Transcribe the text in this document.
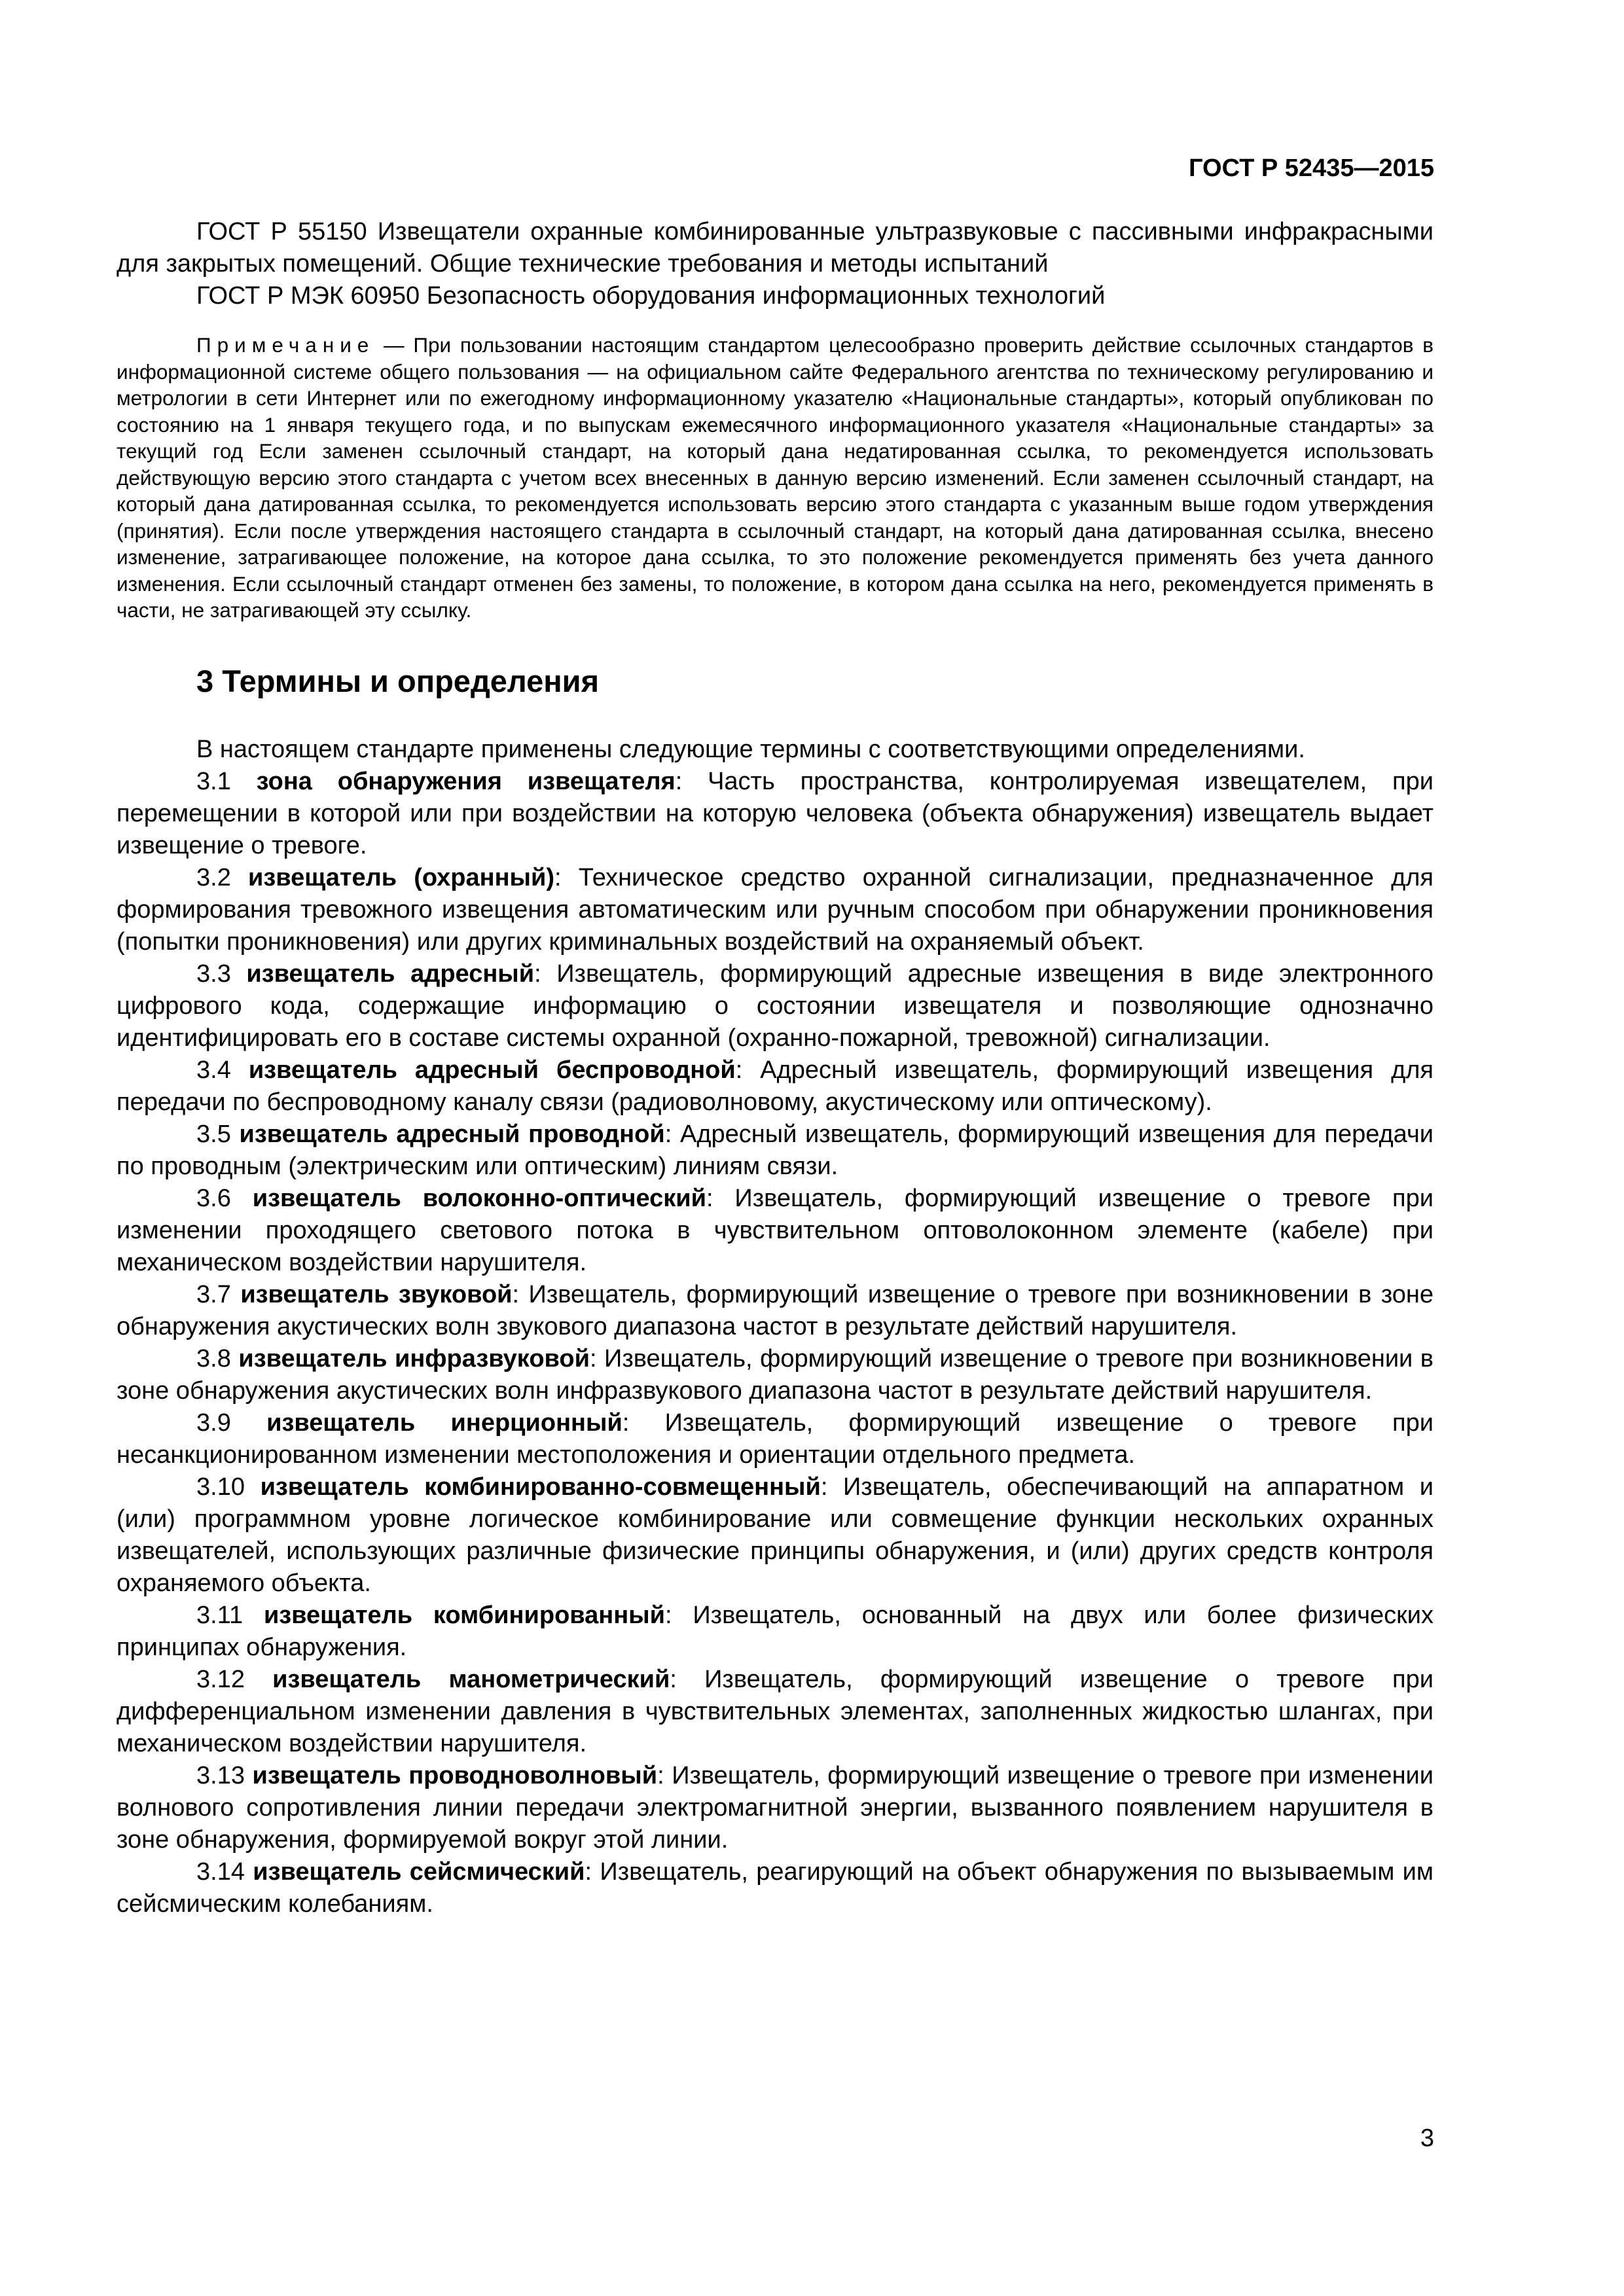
ГОСТ Р 52435—2015

ГОСТ Р 55150 Извещатели охранные комбинированные ультразвуковые с пассивными инфракрасными для закрытых помещений. Общие технические требования и методы испытаний

ГОСТ Р МЭК 60950 Безопасность оборудования информационных технологий

Примечание — При пользовании настоящим стандартом целесообразно проверить действие ссылочных стандартов в информационной системе общего пользования — на официальном сайте Федерального агентства по техническому регулированию и метрологии в сети Интернет или по ежегодному информационному указателю «Национальные стандарты», который опубликован по состоянию на 1 января текущего года, и по выпускам ежемесячного информационного указателя «Национальные стандарты» за текущий год Если заменен ссылочный стандарт, на который дана недатированная ссылка, то рекомендуется использовать действующую версию этого стандарта с учетом всех внесенных в данную версию изменений. Если заменен ссылочный стандарт, на который дана датированная ссылка, то рекомендуется использовать версию этого стандарта с указанным выше годом утверждения (принятия). Если после утверждения настоящего стандарта в ссылочный стандарт, на который дана датированная ссылка, внесено изменение, затрагивающее положение, на которое дана ссылка, то это положение рекомендуется применять без учета данного изменения. Если ссылочный стандарт отменен без замены, то положение, в котором дана ссылка на него, рекомендуется применять в части, не затрагивающей эту ссылку.

3 Термины и определения

В настоящем стандарте применены следующие термины с соответствующими определениями.

3.1 зона обнаружения извещателя: Часть пространства, контролируемая извещателем, при перемещении в которой или при воздействии на которую человека (объекта обнаружения) извещатель выдает извещение о тревоге.

3.2 извещатель (охранный): Техническое средство охранной сигнализации, предназначенное для формирования тревожного извещения автоматическим или ручным способом при обнаружении проникновения (попытки проникновения) или других криминальных воздействий на охраняемый объект.

3.3 извещатель адресный: Извещатель, формирующий адресные извещения в виде электронного цифрового кода, содержащие информацию о состоянии извещателя и позволяющие однозначно идентифицировать его в составе системы охранной (охранно-пожарной, тревожной) сигнализации.

3.4 извещатель адресный беспроводной: Адресный извещатель, формирующий извещения для передачи по беспроводному каналу связи (радиоволновому, акустическому или оптическому).

3.5 извещатель адресный проводной: Адресный извещатель, формирующий извещения для передачи по проводным (электрическим или оптическим) линиям связи.

3.6 извещатель волоконно-оптический: Извещатель, формирующий извещение о тревоге при изменении проходящего светового потока в чувствительном оптоволоконном элементе (кабеле) при механическом воздействии нарушителя.

3.7 извещатель звуковой: Извещатель, формирующий извещение о тревоге при возникновении в зоне обнаружения акустических волн звукового диапазона частот в результате действий нарушителя.

3.8 извещатель инфразвуковой: Извещатель, формирующий извещение о тревоге при возникновении в зоне обнаружения акустических волн инфразвукового диапазона частот в результате действий нарушителя.

3.9 извещатель инерционный: Извещатель, формирующий извещение о тревоге при несанкционированном изменении местоположения и ориентации отдельного предмета.

3.10 извещатель комбинированно-совмещенный: Извещатель, обеспечивающий на аппаратном и (или) программном уровне логическое комбинирование или совмещение функции нескольких охранных извещателей, использующих различные физические принципы обнаружения, и (или) других средств контроля охраняемого объекта.

3.11 извещатель комбинированный: Извещатель, основанный на двух или более физических принципах обнаружения.

3.12 извещатель манометрический: Извещатель, формирующий извещение о тревоге при дифференциальном изменении давления в чувствительных элементах, заполненных жидкостью шлангах, при механическом воздействии нарушителя.

3.13 извещатель проводноволновый: Извещатель, формирующий извещение о тревоге при изменении волнового сопротивления линии передачи электромагнитной энергии, вызванного появлением нарушителя в зоне обнаружения, формируемой вокруг этой линии.

3.14 извещатель сейсмический: Извещатель, реагирующий на объект обнаружения по вызываемым им сейсмическим колебаниям.

3
